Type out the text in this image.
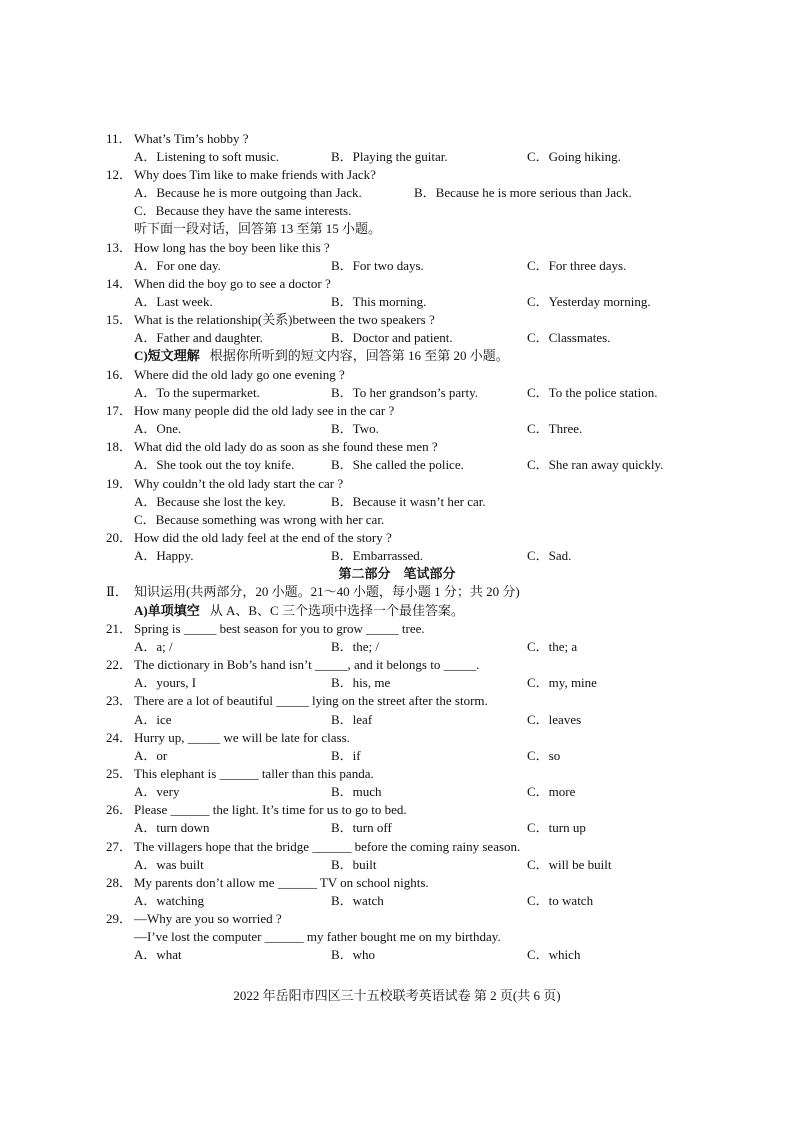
11． What’s Tim’s hobby ?
A．Listening to soft music.	B．Playing the guitar.	C．Going hiking.
12． Why does Tim like to make friends with Jack?
A．Because he is more outgoing than Jack.	B．Because he is more serious than Jack.
C．Because they have the same interests.
听下面一段对话，回答第 13 至第 15 小题。
13． How long has the boy been like this ?
A．For one day.	B．For two days.	C．For three days.
14． When did the boy go to see a doctor ?
A．Last week.	B．This morning.	C．Yesterday morning.
15． What is the relationship(关系)between the two speakers ?
A．Father and daughter.	B．Doctor and patient.	C．Classmates.
C)短文理解 根据你所听到的短文内容，回答第 16 至第 20 小题。
16． Where did the old lady go one evening ?
A．To the supermarket.	B．To her grandson’s party.	C．To the police station.
17． How many people did the old lady see in the car ?
A．One.	B．Two.	C．Three.
18． What did the old lady do as soon as she found these men ?
A．She took out the toy knife.	B．She called the police.	C．She ran away quickly.
19． Why couldn’t the old lady start the car ?
A．Because she lost the key.	B．Because it wasn’t her car.
C．Because something was wrong with her car.
20． How did the old lady feel at the end of the story ?
A．Happy.	B．Embarrassed.	C．Sad.
第二部分    笔试部分
Ⅱ． 知识运用(共两部分，20 小题。21～40 小题，每小题 1 分；共 20 分)
A)单项填空 从 A、B、C 三个选项中选择一个最佳答案。
21． Spring is _____ best season for you to grow _____ tree.
A．a; /	B．the; /	C．the; a
22． The dictionary in Bob’s hand isn’t _____, and it belongs to _____.
A．yours, I	B．his, me	C．my, mine
23． There are a lot of beautiful _____ lying on the street after the storm.
A．ice	B．leaf	C．leaves
24． Hurry up, _____ we will be late for class.
A．or	B．if	C．so
25． This elephant is ______ taller than this panda.
A．very	B．much	C．more
26． Please ______ the light. It’s time for us to go to bed.
A．turn down	B．turn off	C．turn up
27． The villagers hope that the bridge ______ before the coming rainy season.
A．was built	B．built	C．will be built
28． My parents don’t allow me ______ TV on school nights.
A．watching	B．watch	C．to watch
29． —Why are you so worried ?
—I’ve lost the computer ______ my father bought me on my birthday.
A．what	B．who	C．which
2022 年岳阳市四区三十五校联考英语试卷 第 2 页(共 6 页)
